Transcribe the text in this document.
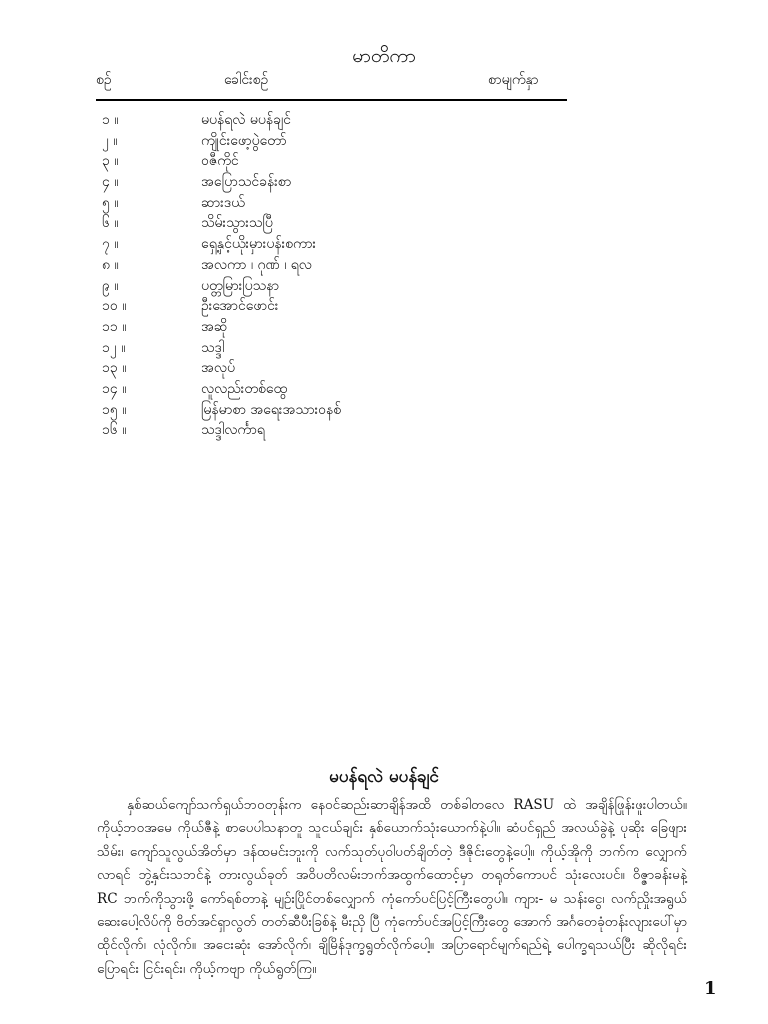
မာတိကာ
စဉ်	ခေါင်းစဉ်	စာမျက်နှာ
၁ ။	မပန်ရလဲ မပန်ချင်
၂ ။	ကျိုင်းဖော့ပွဲတော်
၃ ။	ဝဇီကိုင်
၄ ။	အပြောသင်ခန်းစာ
၅ ။	ဆားဒယ်
၆ ။	သိမ်းသွားသပြီ
၇ ။	ရှေ့နှင့်ယိုးမှားပန်းစကား
၈ ။	အလကာ ၊ ဂုဏ် ၊ ရလ
၉ ။	ပတ္တမြားပြသနာ
၁၀ ။	ဦးအောင်ဖောင်း
၁၁ ။	အဆို
၁၂ ။	သဒ္ဒါ
၁၃ ။	အလုပ်
၁၄ ။	လူလည်းတစ်ထွေ
၁၅ ။	မြန်မာစာ အရေးအသားဝနစ်
၁၆ ။	သဒ္ဒါလင်္ကာရ
မပန်ရလဲ မပန်ချင်

နှစ်ဆယ်ကျော်သက်ရှယ်ဘဝတုန်းက နေဝင်ဆည်းဆာချိန်အထိ တစ်ခါတလေ RASU ထဲ အချိန်ဖြုန်းဖူးပါတယ်။ ကိုယ့်ဘဝအမေ ကိုယ်ဇီနဲ့ စာပေပါသနာတူ သူငယ်ချင်း နှစ်ယောက်သုံးယောက်နဲ့ပါ။ ဆံပင်ရှည် အလယ်ခွဲနဲ့ ပုဆိုး ခြေဖျားသိမ်း၊ ကျော်သူလွယ်အိတ်မှာ ဒန်ထမင်းဘူးကို လက်သုတ်ပုဝါပတ်ချိတ်တဲ့ ဒီဇိုင်းတွေနဲ့ပေါ့။ ကိုယ့်အိုကို ဘက်က လျှောက်လာရင် ဘွဲ့နှင်းသဘင်နဲ့ တားလွယ်ခုတ် အဝိပတိလမ်းဘက်အထွက်ထောင့်မှာ တရုတ်ကောပင် သုံးလေးပင်။ ဝိဇ္ဇာခန်းမနဲ့ RC ဘက်ကိုသွားဖို့ ကော်ရစ်တာနဲ့ မျဉ်းပြိုင်တစ်လျှောက် ကုံကော်ပင်ပြင့်ကြီးတွေပါ။ ကျား- မ သန်းငွေ၊ လက်ညှိုးအရွယ် ဆေးပေါ့လိပ်ကို ဗိတ်အင်ရှာလွတ် တတ်ဆီပီးခြစ်နဲ့ မီးညှိ ပြီ ကုံကော်ပင်အပြင့်ကြီးတွေ အောက် အင်္ဂတေခုံတန်းလျားပေါ်မှာ ထိုင်လိုက်၊ လုံလိုက်။ အငေးဆုံး အော်လိုက်၊ ချိမြိန်ဒုက္ခရွတ်လိုက်ပေါ့။ အပြာရောင်မျက်ရည်ရဲ့ ပေါက္ခရသယ်ပြီး ဆိုလိုရင်းပြောရင်း ငြင်းရင်း၊ ကိုယ့်ကဗျာ ကိုယ်ရွတ်ကြ။

1
